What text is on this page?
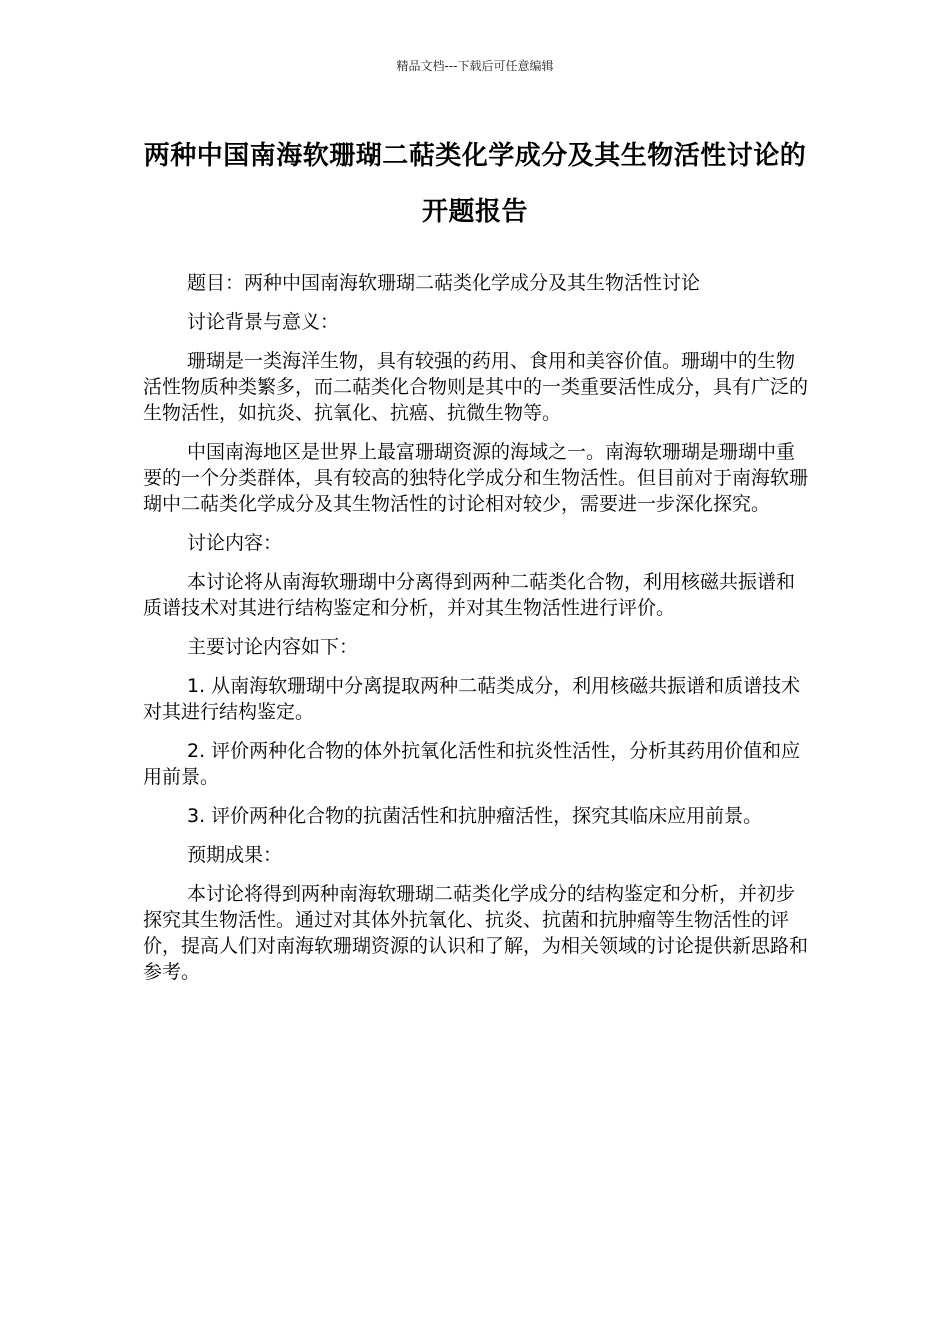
精品文档---下载后可任意编辑
两种中国南海软珊瑚二萜类化学成分及其生物活性讨论的开题报告

题目：两种中国南海软珊瑚二萜类化学成分及其生物活性讨论

讨论背景与意义：

珊瑚是一类海洋生物，具有较强的药用、食用和美容价值。珊瑚中的生物活性物质种类繁多，而二萜类化合物则是其中的一类重要活性成分，具有广泛的生物活性，如抗炎、抗氧化、抗癌、抗微生物等。

中国南海地区是世界上最富珊瑚资源的海域之一。南海软珊瑚是珊瑚中重要的一个分类群体，具有较高的独特化学成分和生物活性。但目前对于南海软珊瑚中二萜类化学成分及其生物活性的讨论相对较少，需要进一步深化探究。

讨论内容：

本讨论将从南海软珊瑚中分离得到两种二萜类化合物，利用核磁共振谱和质谱技术对其进行结构鉴定和分析，并对其生物活性进行评价。

主要讨论内容如下：

1. 从南海软珊瑚中分离提取两种二萜类成分，利用核磁共振谱和质谱技术对其进行结构鉴定。

2. 评价两种化合物的体外抗氧化活性和抗炎性活性，分析其药用价值和应用前景。

3. 评价两种化合物的抗菌活性和抗肿瘤活性，探究其临床应用前景。

预期成果：

本讨论将得到两种南海软珊瑚二萜类化学成分的结构鉴定和分析，并初步探究其生物活性。通过对其体外抗氧化、抗炎、抗菌和抗肿瘤等生物活性的评价，提高人们对南海软珊瑚资源的认识和了解，为相关领域的讨论提供新思路和参考。
